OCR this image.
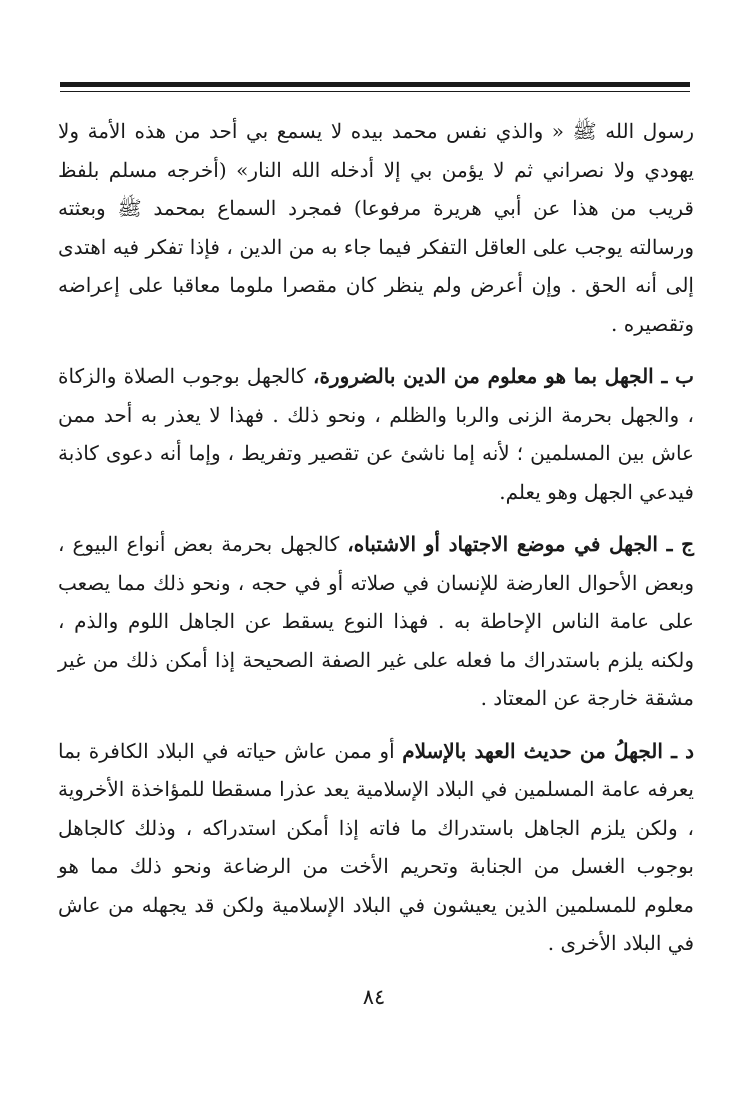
رسول الله ﷺ « والذي نفس محمد بيده لا يسمع بي أحد من هذه الأمة ولا يهودي ولا نصراني ثم لا يؤمن بي إلا أدخله الله النار» (أخرجه مسلم بلفظ قريب من هذا عن أبي هريرة مرفوعا) فمجرد السماع بمحمد ﷺ وبعثته ورسالته يوجب على العاقل التفكر فيما جاء به من الدين ، فإذا تفكر فيه اهتدى إلى أنه الحق . وإن أعرض ولم ينظر كان مقصرا ملوما معاقبا على إعراضه وتقصيره .

ب ـ الجهل بما هو معلوم من الدين بالضرورة، كالجهل بوجوب الصلاة والزكاة ، والجهل بحرمة الزنى والربا والظلم ، ونحو ذلك . فهذا لا يعذر به أحد ممن عاش بين المسلمين ؛ لأنه إما ناشئ عن تقصير وتفريط ، وإما أنه دعوى كاذبة فيدعي الجهل وهو يعلم.

ج ـ الجهل في موضع الاجتهاد أو الاشتباه، كالجهل بحرمة بعض أنواع البيوع ، وبعض الأحوال العارضة للإنسان في صلاته أو في حجه ، ونحو ذلك مما يصعب على عامة الناس الإحاطة به . فهذا النوع يسقط عن الجاهل اللوم والذم ، ولكنه يلزم باستدراك ما فعله على غير الصفة الصحيحة إذا أمكن ذلك من غير مشقة خارجة عن المعتاد .

د ـ الجهلُ من حديث العهد بالإسلام أو ممن عاش حياته في البلاد الكافرة بما يعرفه عامة المسلمين في البلاد الإسلامية يعد عذرا مسقطا للمؤاخذة الأخروية ، ولكن يلزم الجاهل باستدراك ما فاته إذا أمكن استدراكه ، وذلك كالجاهل بوجوب الغسل من الجنابة وتحريم الأخت من الرضاعة ونحو ذلك مما هو معلوم للمسلمين الذين يعيشون في البلاد الإسلامية ولكن قد يجهله من عاش في البلاد الأخرى .

٨٤
